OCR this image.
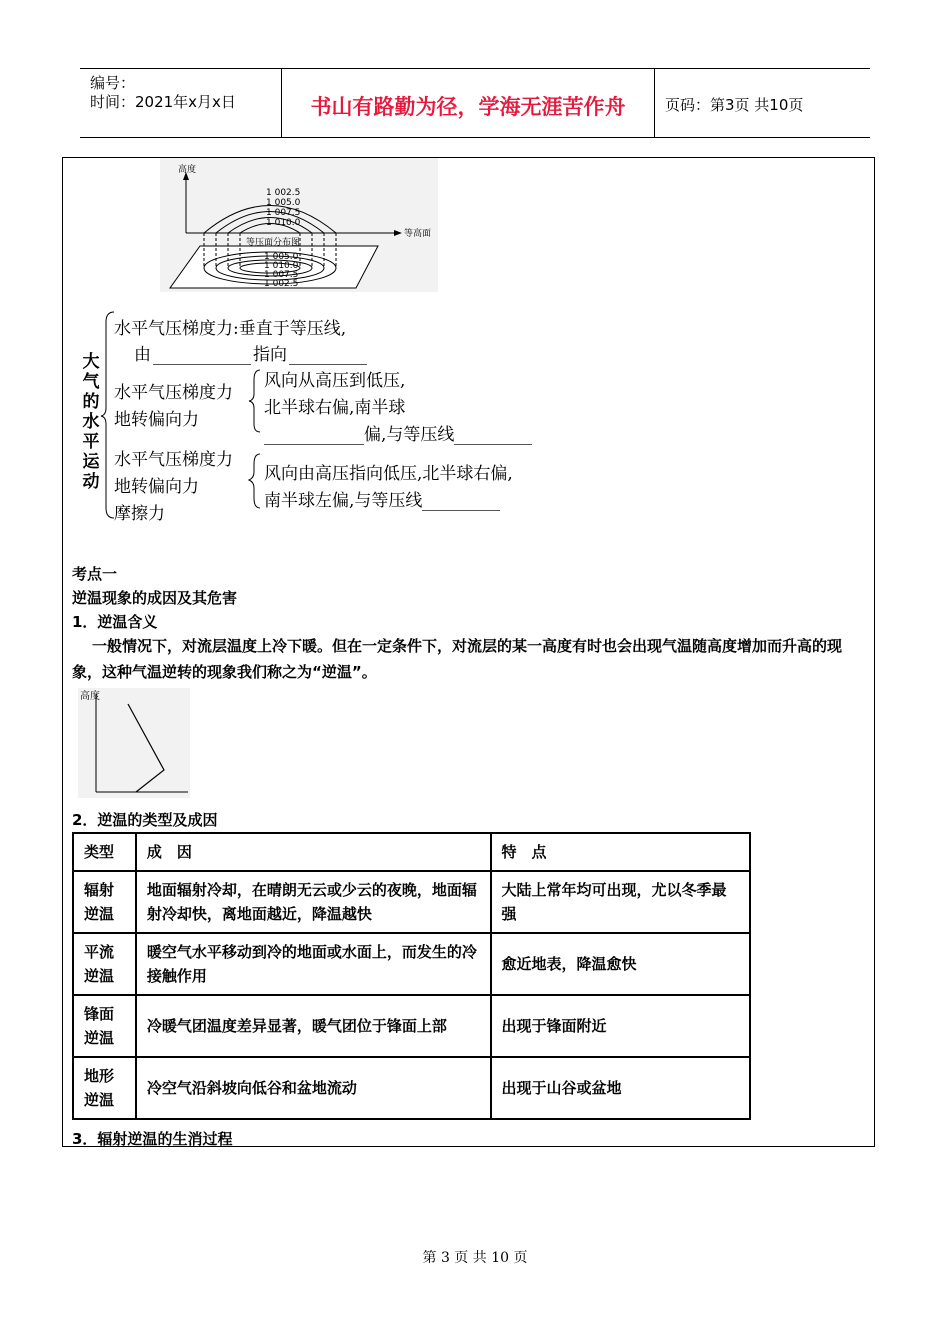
编号：
时间：2021年x月x日	书山有路勤为径，学海无涯苦作舟	页码：第3页 共10页
高度
等高面
1 002.5
1 005.0
1 007.5
1 010.0
等压面分布图
1 005.0
1 010.0
1 007.5
1 002.5
大气的水平运动
水平气压梯度力:垂直于等压线,
由	指向
水平气压梯度力
地转偏向力
风向从高压到低压,
北半球右偏,南半球
偏,与等压线
水平气压梯度力
地转偏向力
摩擦力
风向由高压指向低压,北半球右偏,
南半球左偏,与等压线
考点一
逆温现象的成因及其危害
1．逆温含义
一般情况下，对流层温度上冷下暖。但在一定条件下，对流层的某一高度有时也会出现气温随高度增加而升高的现象，这种气温逆转的现象我们称之为“逆温”。
高度
2．逆温的类型及成因
类型	成　因	特　点
辐射逆温	地面辐射冷却，在晴朗无云或少云的夜晚，地面辐射冷却快，离地面越近，降温越快	大陆上常年均可出现，尤以冬季最强
平流逆温	暖空气水平移动到冷的地面或水面上，而发生的冷接触作用	愈近地表，降温愈快
锋面逆温	冷暖气团温度差异显著，暖气团位于锋面上部	出现于锋面附近
地形逆温	冷空气沿斜坡向低谷和盆地流动	出现于山谷或盆地
3．辐射逆温的生消过程
第 3 页 共 10 页
